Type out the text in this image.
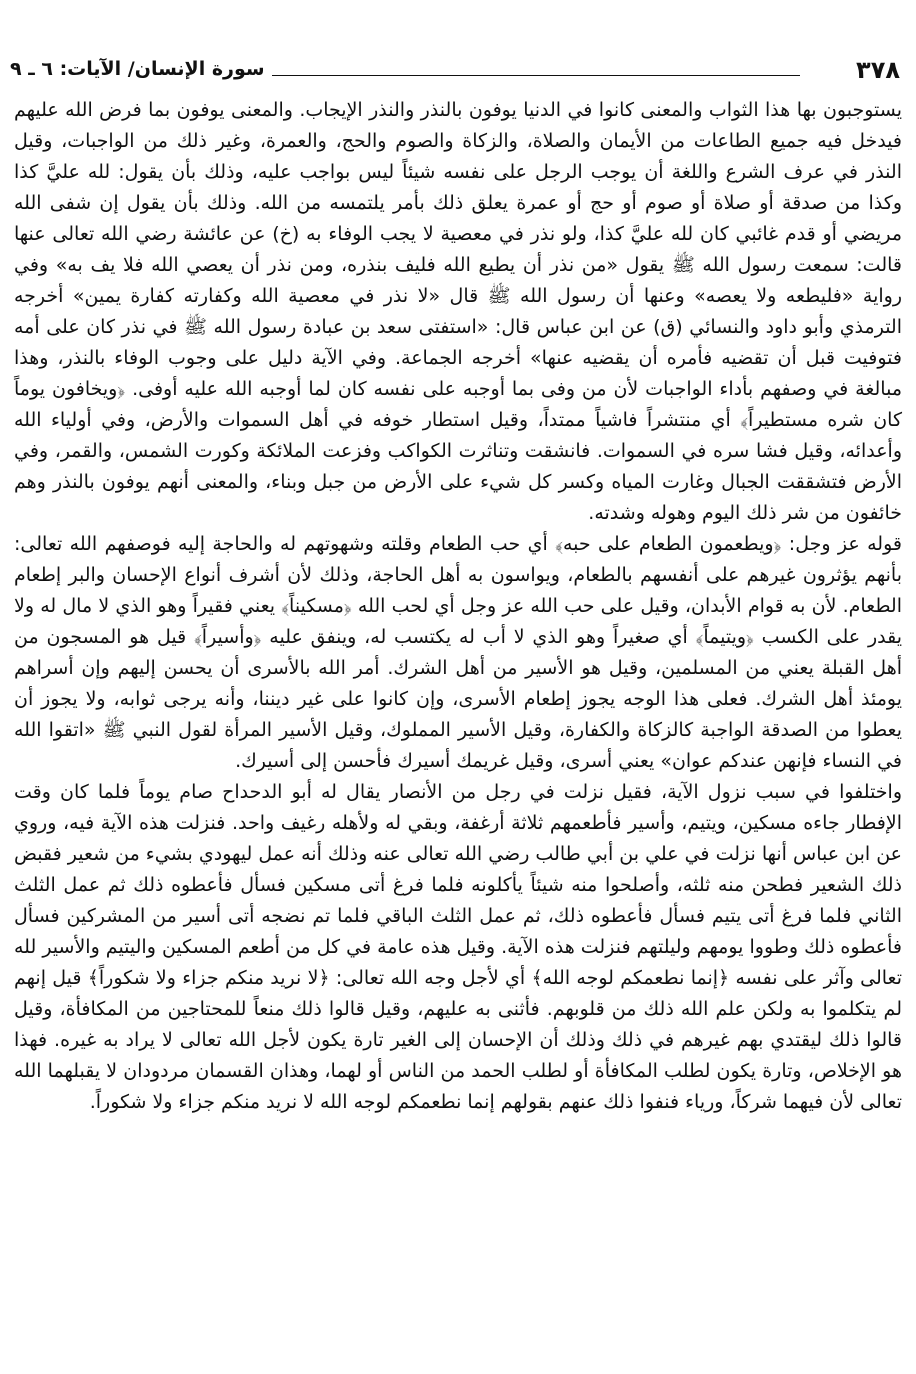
٣٧٨
سورة الإنسان/ الآيات: ٦ ـ ٩

يستوجبون بها هذا الثواب والمعنى كانوا في الدنيا يوفون بالنذر والنذر الإيجاب. والمعنى يوفون بما فرض الله عليهم فيدخل فيه جميع الطاعات من الأيمان والصلاة، والزكاة والصوم والحج، والعمرة، وغير ذلك من الواجبات، وقيل النذر في عرف الشرع واللغة أن يوجب الرجل على نفسه شيئاً ليس بواجب عليه، وذلك بأن يقول: لله عليَّ كذا وكذا من صدقة أو صلاة أو صوم أو حج أو عمرة يعلق ذلك بأمر يلتمسه من الله. وذلك بأن يقول إن شفى الله مريضي أو قدم غائبي كان لله عليَّ كذا، ولو نذر في معصية لا يجب الوفاء به (خ) عن عائشة رضي الله تعالى عنها قالت: سمعت رسول الله ﷺ يقول «من نذر أن يطيع الله فليف بنذره، ومن نذر أن يعصي الله فلا يف به» وفي رواية «فليطعه ولا يعصه» وعنها أن رسول الله ﷺ قال «لا نذر في معصية الله وكفارته كفارة يمين» أخرجه الترمذي وأبو داود والنسائي (ق) عن ابن عباس قال: «استفتى سعد بن عبادة رسول الله ﷺ في نذر كان على أمه فتوفيت قبل أن تقضيه فأمره أن يقضيه عنها» أخرجه الجماعة. وفي الآية دليل على وجوب الوفاء بالنذر، وهذا مبالغة في وصفهم بأداء الواجبات لأن من وفى بما أوجبه على نفسه كان لما أوجبه الله عليه أوفى. ﴿ويخافون يوماً كان شره مستطيراً﴾ أي منتشراً فاشياً ممتداً، وقيل استطار خوفه في أهل السموات والأرض، وفي أولياء الله وأعدائه، وقيل فشا سره في السموات. فانشقت وتناثرت الكواكب وفزعت الملائكة وكورت الشمس، والقمر، وفي الأرض فتشققت الجبال وغارت المياه وكسر كل شيء على الأرض من جبل وبناء، والمعنى أنهم يوفون بالنذر وهم خائفون من شر ذلك اليوم وهوله وشدته.

قوله عز وجل: ﴿ويطعمون الطعام على حبه﴾ أي حب الطعام وقلته وشهوتهم له والحاجة إليه فوصفهم الله تعالى: بأنهم يؤثرون غيرهم على أنفسهم بالطعام، ويواسون به أهل الحاجة، وذلك لأن أشرف أنواع الإحسان والبر إطعام الطعام. لأن به قوام الأبدان، وقيل على حب الله عز وجل أي لحب الله ﴿مسكيناً﴾ يعني فقيراً وهو الذي لا مال له ولا يقدر على الكسب ﴿ويتيماً﴾ أي صغيراً وهو الذي لا أب له يكتسب له، وينفق عليه ﴿وأسيراً﴾ قيل هو المسجون من أهل القبلة يعني من المسلمين، وقيل هو الأسير من أهل الشرك. أمر الله بالأسرى أن يحسن إليهم وإن أسراهم يومئذ أهل الشرك. فعلى هذا الوجه يجوز إطعام الأسرى، وإن كانوا على غير ديننا، وأنه يرجى ثوابه، ولا يجوز أن يعطوا من الصدقة الواجبة كالزكاة والكفارة، وقيل الأسير المملوك، وقيل الأسير المرأة لقول النبي ﷺ «اتقوا الله في النساء فإنهن عندكم عوان» يعني أسرى، وقيل غريمك أسيرك فأحسن إلى أسيرك.

واختلفوا في سبب نزول الآية، فقيل نزلت في رجل من الأنصار يقال له أبو الدحداح صام يوماً فلما كان وقت الإفطار جاءه مسكين، ويتيم، وأسير فأطعمهم ثلاثة أرغفة، وبقي له ولأهله رغيف واحد. فنزلت هذه الآية فيه، وروي عن ابن عباس أنها نزلت في علي بن أبي طالب رضي الله تعالى عنه وذلك أنه عمل ليهودي بشيء من شعير فقبض ذلك الشعير فطحن منه ثلثه، وأصلحوا منه شيئاً يأكلونه فلما فرغ أتى مسكين فسأل فأعطوه ذلك ثم عمل الثلث الثاني فلما فرغ أتى يتيم فسأل فأعطوه ذلك، ثم عمل الثلث الباقي فلما تم نضجه أتى أسير من المشركين فسأل فأعطوه ذلك وطووا يومهم وليلتهم فنزلت هذه الآية. وقيل هذه عامة في كل من أطعم المسكين واليتيم والأسير لله تعالى وآثر على نفسه ﴿إنما نطعمكم لوجه الله﴾ أي لأجل وجه الله تعالى: ﴿لا نريد منكم جزاء ولا شكوراً﴾ قيل إنهم لم يتكلموا به ولكن علم الله ذلك من قلوبهم. فأثنى به عليهم، وقيل قالوا ذلك منعاً للمحتاجين من المكافأة، وقيل قالوا ذلك ليقتدي بهم غيرهم في ذلك وذلك أن الإحسان إلى الغير تارة يكون لأجل الله تعالى لا يراد به غيره. فهذا هو الإخلاص، وتارة يكون لطلب المكافأة أو لطلب الحمد من الناس أو لهما، وهذان القسمان مردودان لا يقبلهما الله تعالى لأن فيهما شركاً، ورياء فنفوا ذلك عنهم بقولهم إنما نطعمكم لوجه الله لا نريد منكم جزاء ولا شكوراً.
